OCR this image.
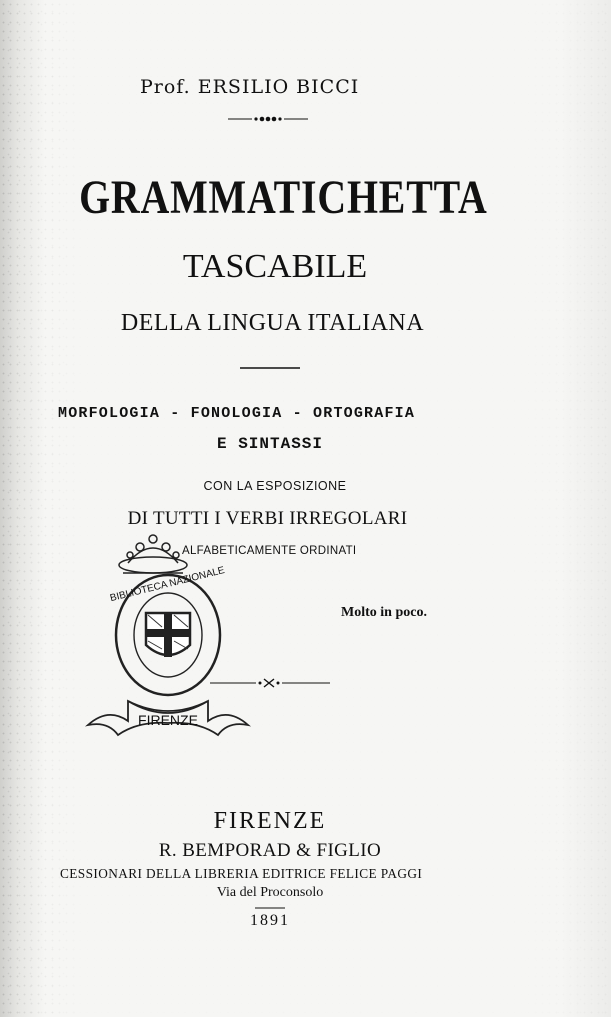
Prof. ERSILIO BICCI
GRAMMATICHETTA
TASCABILE
DELLA LINGUA ITALIANA
MORFOLOGIA - FONOLOGIA - ORTOGRAFIA
E SINTASSI
CON LA ESPOSIZIONE
DI TUTTI I VERBI IRREGOLARI
ALFABETICAMENTE ORDINATI
FIRENZE
BIBLIOTECA NAZIONALE
Molto in poco.
FIRENZE
R. BEMPORAD & FIGLIO
CESSIONARI DELLA LIBRERIA EDITRICE FELICE PAGGI
Via del Proconsolo
1891
